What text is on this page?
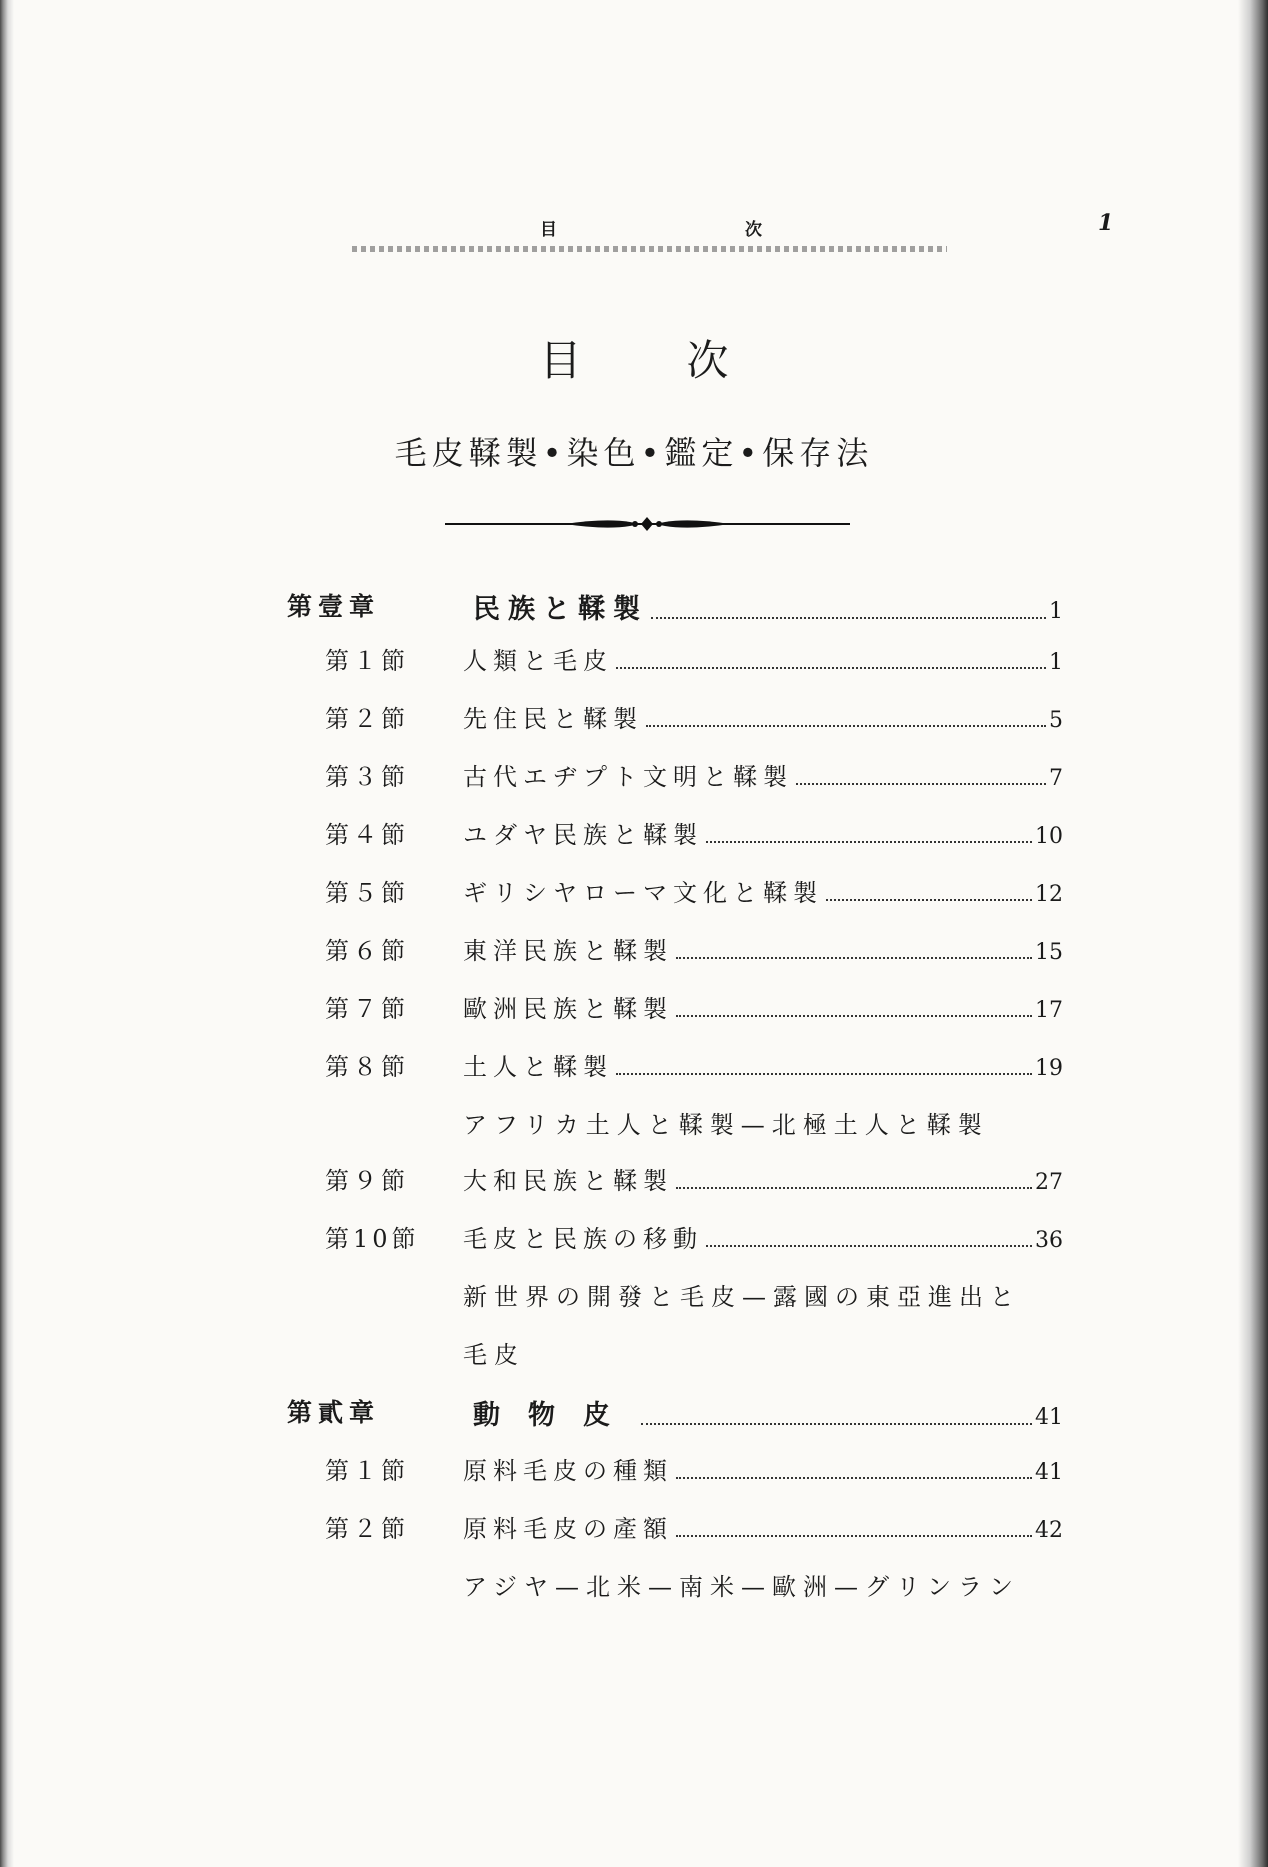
目	次	1
目次
毛皮鞣製•染色•鑑定•保存法
第壹章	民族と鞣製	1
第１節 人類と毛皮	1
第２節 先住民と鞣製	5
第３節 古代エヂプト文明と鞣製	7
第４節 ユダヤ民族と鞣製	10
第５節 ギリシヤローマ文化と鞣製	12
第６節 東洋民族と鞣製	15
第７節 歐洲民族と鞣製	17
第８節 土人と鞣製	19
アフリカ土人と鞣製—北極土人と鞣製
第９節 大和民族と鞣製	27
第10節 毛皮と民族の移動	36
新世界の開發と毛皮—露國の東亞進出と
毛皮
第貳章	動物皮	41
第１節 原料毛皮の種類	41
第２節 原料毛皮の產額	42
アジヤ—北米—南米—歐洲—グリンラン
